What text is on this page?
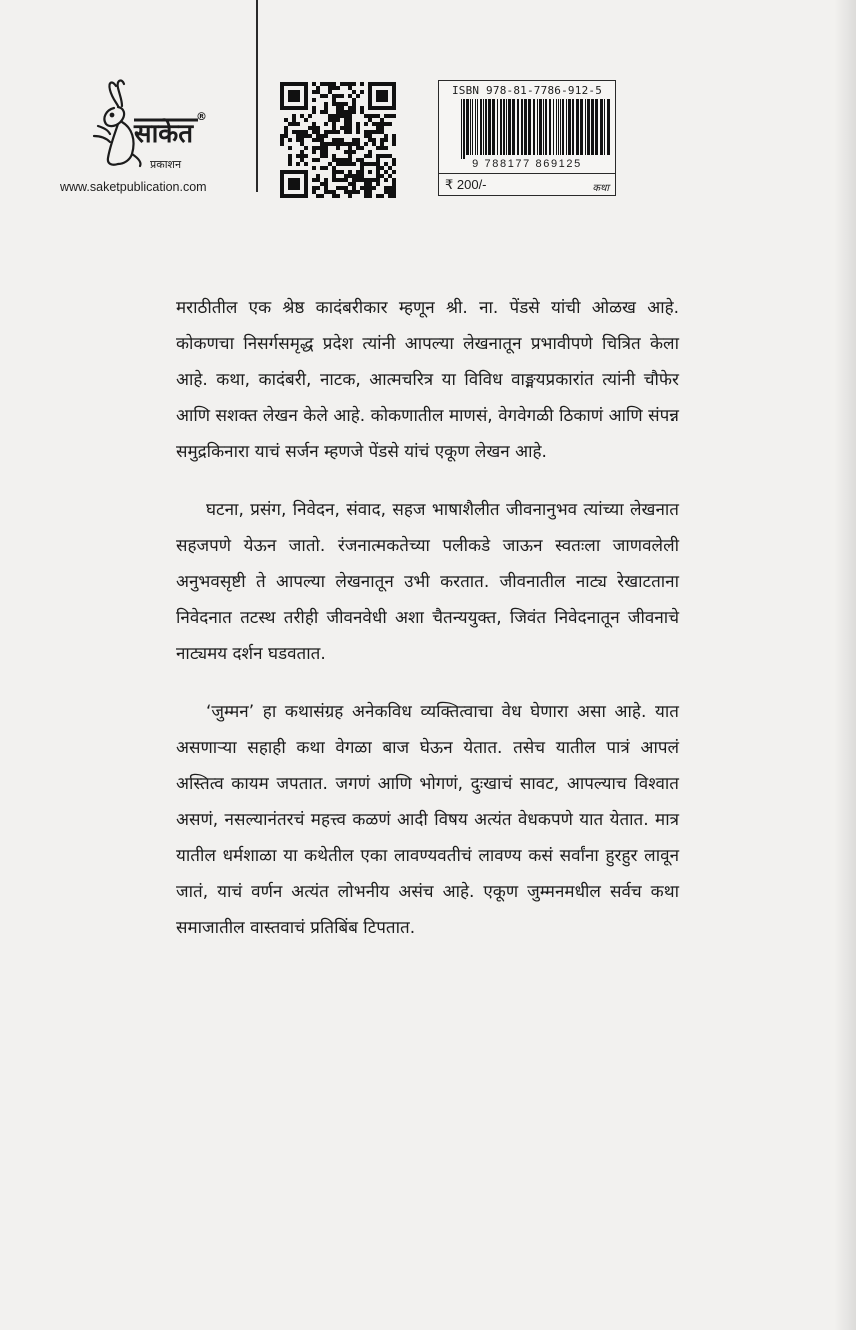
साकेत
प्रकाशन
®
www.saketpublication.com
ISBN 978-81-7786-912-5
9 788177 869125
₹ 200/-	कथा

मराठीतील एक श्रेष्ठ कादंबरीकार म्हणून श्री. ना. पेंडसे यांची ओळख आहे. कोकणचा निसर्गसमृद्ध प्रदेश त्यांनी आपल्या लेखनातून प्रभावीपणे चित्रित केला आहे. कथा, कादंबरी, नाटक, आत्मचरित्र या विविध वाङ्मयप्रकारांत त्यांनी चौफेर आणि सशक्त लेखन केले आहे. कोकणातील माणसं, वेगवेगळी ठिकाणं आणि संपन्न समुद्रकिनारा याचं सर्जन म्हणजे पेंडसे यांचं एकूण लेखन आहे.

घटना, प्रसंग, निवेदन, संवाद, सहज भाषाशैलीत जीवनानुभव त्यांच्या लेखनात सहजपणे येऊन जातो. रंजनात्मकतेच्या पलीकडे जाऊन स्वतःला जाणवलेली अनुभवसृष्टी ते आपल्या लेखनातून उभी करतात. जीवनातील नाट्य रेखाटताना निवेदनात तटस्थ तरीही जीवनवेधी अशा चैतन्ययुक्त, जिवंत निवेदनातून जीवनाचे नाट्यमय दर्शन घडवतात.

‘जुम्मन’ हा कथासंग्रह अनेकविध व्यक्तित्वाचा वेध घेणारा असा आहे. यात असणाऱ्या सहाही कथा वेगळा बाज घेऊन येतात. तसेच यातील पात्रं आपलं अस्तित्व कायम जपतात. जगणं आणि भोगणं, दुःखाचं सावट, आपल्याच विश्वात असणं, नसल्यानंतरचं महत्त्व कळणं आदी विषय अत्यंत वेधकपणे यात येतात. मात्र यातील धर्मशाळा या कथेतील एका लावण्यवतीचं लावण्य कसं सर्वांना हुरहुर लावून जातं, याचं वर्णन अत्यंत लोभनीय असंच आहे. एकूण जुम्मनमधील सर्वच कथा समाजातील वास्तवाचं प्रतिबिंब टिपतात.
